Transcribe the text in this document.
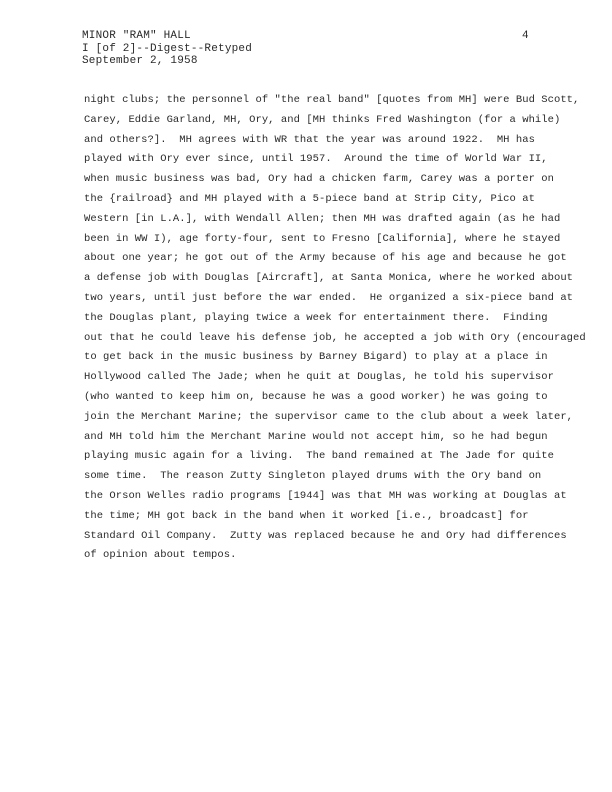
MINOR "RAM" HALL
I [of 2]--Digest--Retyped
September 2, 1958
4
night clubs; the personnel of "the real band" [quotes from MH] were Bud Scott,
Carey, Eddie Garland, MH, Ory, and [MH thinks Fred Washington (for a while)
and others?].  MH agrees with WR that the year was around 1922.  MH has
played with Ory ever since, until 1957.  Around the time of World War II,
when music business was bad, Ory had a chicken farm, Carey was a porter on
the {railroad} and MH played with a 5-piece band at Strip City, Pico at
Western [in L.A.], with Wendall Allen; then MH was drafted again (as he had
been in WW I), age forty-four, sent to Fresno [California], where he stayed
about one year; he got out of the Army because of his age and because he got
a defense job with Douglas [Aircraft], at Santa Monica, where he worked about
two years, until just before the war ended.  He organized a six-piece band at
the Douglas plant, playing twice a week for entertainment there.  Finding
out that he could leave his defense job, he accepted a job with Ory (encouraged
to get back in the music business by Barney Bigard) to play at a place in
Hollywood called The Jade; when he quit at Douglas, he told his supervisor
(who wanted to keep him on, because he was a good worker) he was going to
join the Merchant Marine; the supervisor came to the club about a week later,
and MH told him the Merchant Marine would not accept him, so he had begun
playing music again for a living.  The band remained at The Jade for quite
some time.  The reason Zutty Singleton played drums with the Ory band on
the Orson Welles radio programs [1944] was that MH was working at Douglas at
the time; MH got back in the band when it worked [i.e., broadcast] for
Standard Oil Company.  Zutty was replaced because he and Ory had differences
of opinion about tempos.
